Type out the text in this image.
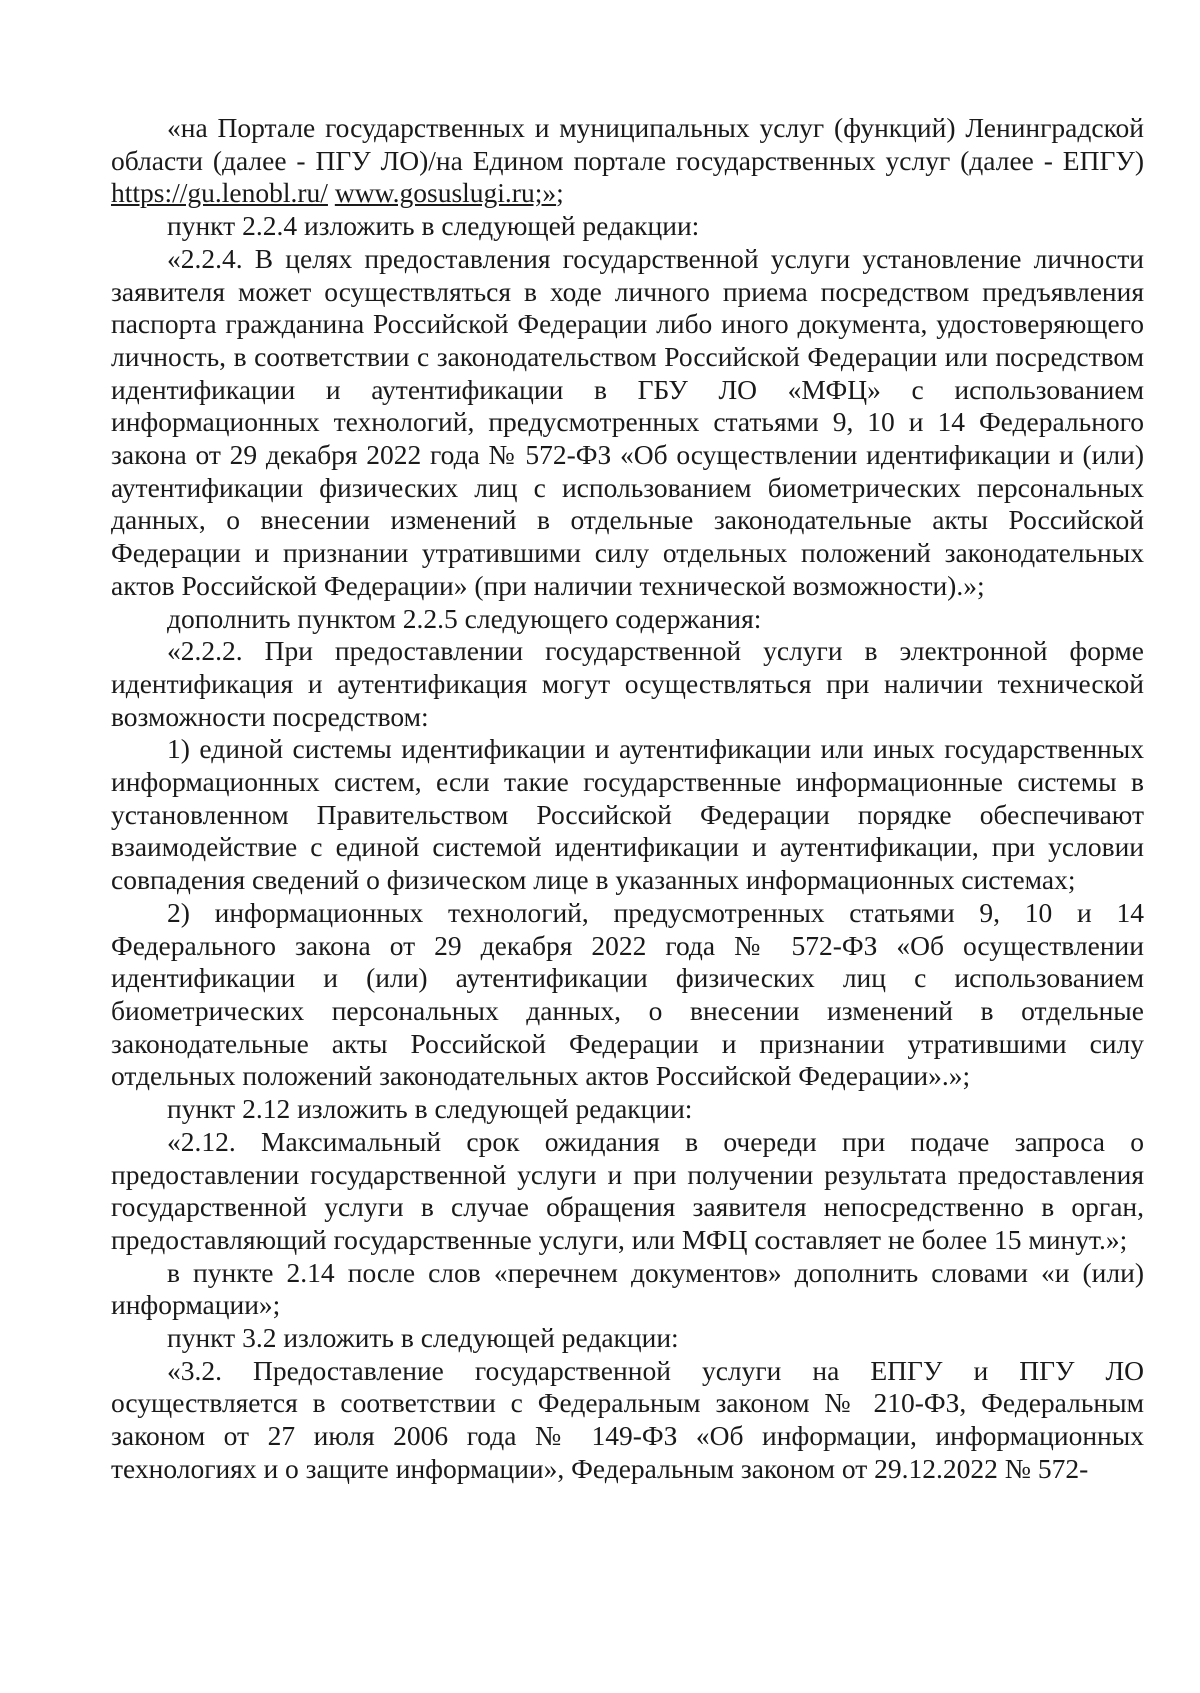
«на Портале государственных и муниципальных услуг (функций) Ленинградской области (далее - ПГУ ЛО)/на Едином портале государственных услуг (далее - ЕПГУ) https://gu.lenobl.ru/ www.gosuslugi.ru;»;

пункт 2.2.4 изложить в следующей редакции:

«2.2.4. В целях предоставления государственной услуги установление личности заявителя может осуществляться в ходе личного приема посредством предъявления паспорта гражданина Российской Федерации либо иного документа, удостоверяющего личность, в соответствии с законодательством Российской Федерации или посредством идентификации и аутентификации в ГБУ ЛО «МФЦ» с использованием информационных технологий, предусмотренных статьями 9, 10 и 14 Федерального закона от 29 декабря 2022 года № 572-ФЗ «Об осуществлении идентификации и (или) аутентификации физических лиц с использованием биометрических персональных данных, о внесении изменений в отдельные законодательные акты Российской Федерации и признании утратившими силу отдельных положений законодательных актов Российской Федерации» (при наличии технической возможности).»;

дополнить пунктом 2.2.5 следующего содержания:

«2.2.2. При предоставлении государственной услуги в электронной форме идентификация и аутентификация могут осуществляться при наличии технической возможности посредством:

1) единой системы идентификации и аутентификации или иных государственных информационных систем, если такие государственные информационные системы в установленном Правительством Российской Федерации порядке обеспечивают взаимодействие с единой системой идентификации и аутентификации, при условии совпадения сведений о физическом лице в указанных информационных системах;

2) информационных технологий, предусмотренных статьями 9, 10 и 14 Федерального закона от 29 декабря 2022 года № 572-ФЗ «Об осуществлении идентификации и (или) аутентификации физических лиц с использованием биометрических персональных данных, о внесении изменений в отдельные законодательные акты Российской Федерации и признании утратившими силу отдельных положений законодательных актов Российской Федерации».»;

пункт 2.12 изложить в следующей редакции:

«2.12. Максимальный срок ожидания в очереди при подаче запроса о предоставлении государственной услуги и при получении результата предоставления государственной услуги в случае обращения заявителя непосредственно в орган, предоставляющий государственные услуги, или МФЦ составляет не более 15 минут.»;

в пункте 2.14 после слов «перечнем документов» дополнить словами «и (или) информации»;

пункт 3.2 изложить в следующей редакции:

«3.2. Предоставление государственной услуги на ЕПГУ и ПГУ ЛО осуществляется в соответствии с Федеральным законом № 210-ФЗ, Федеральным законом от 27 июля 2006 года № 149-ФЗ «Об информации, информационных технологиях и о защите информации», Федеральным законом от 29.12.2022 № 572-
